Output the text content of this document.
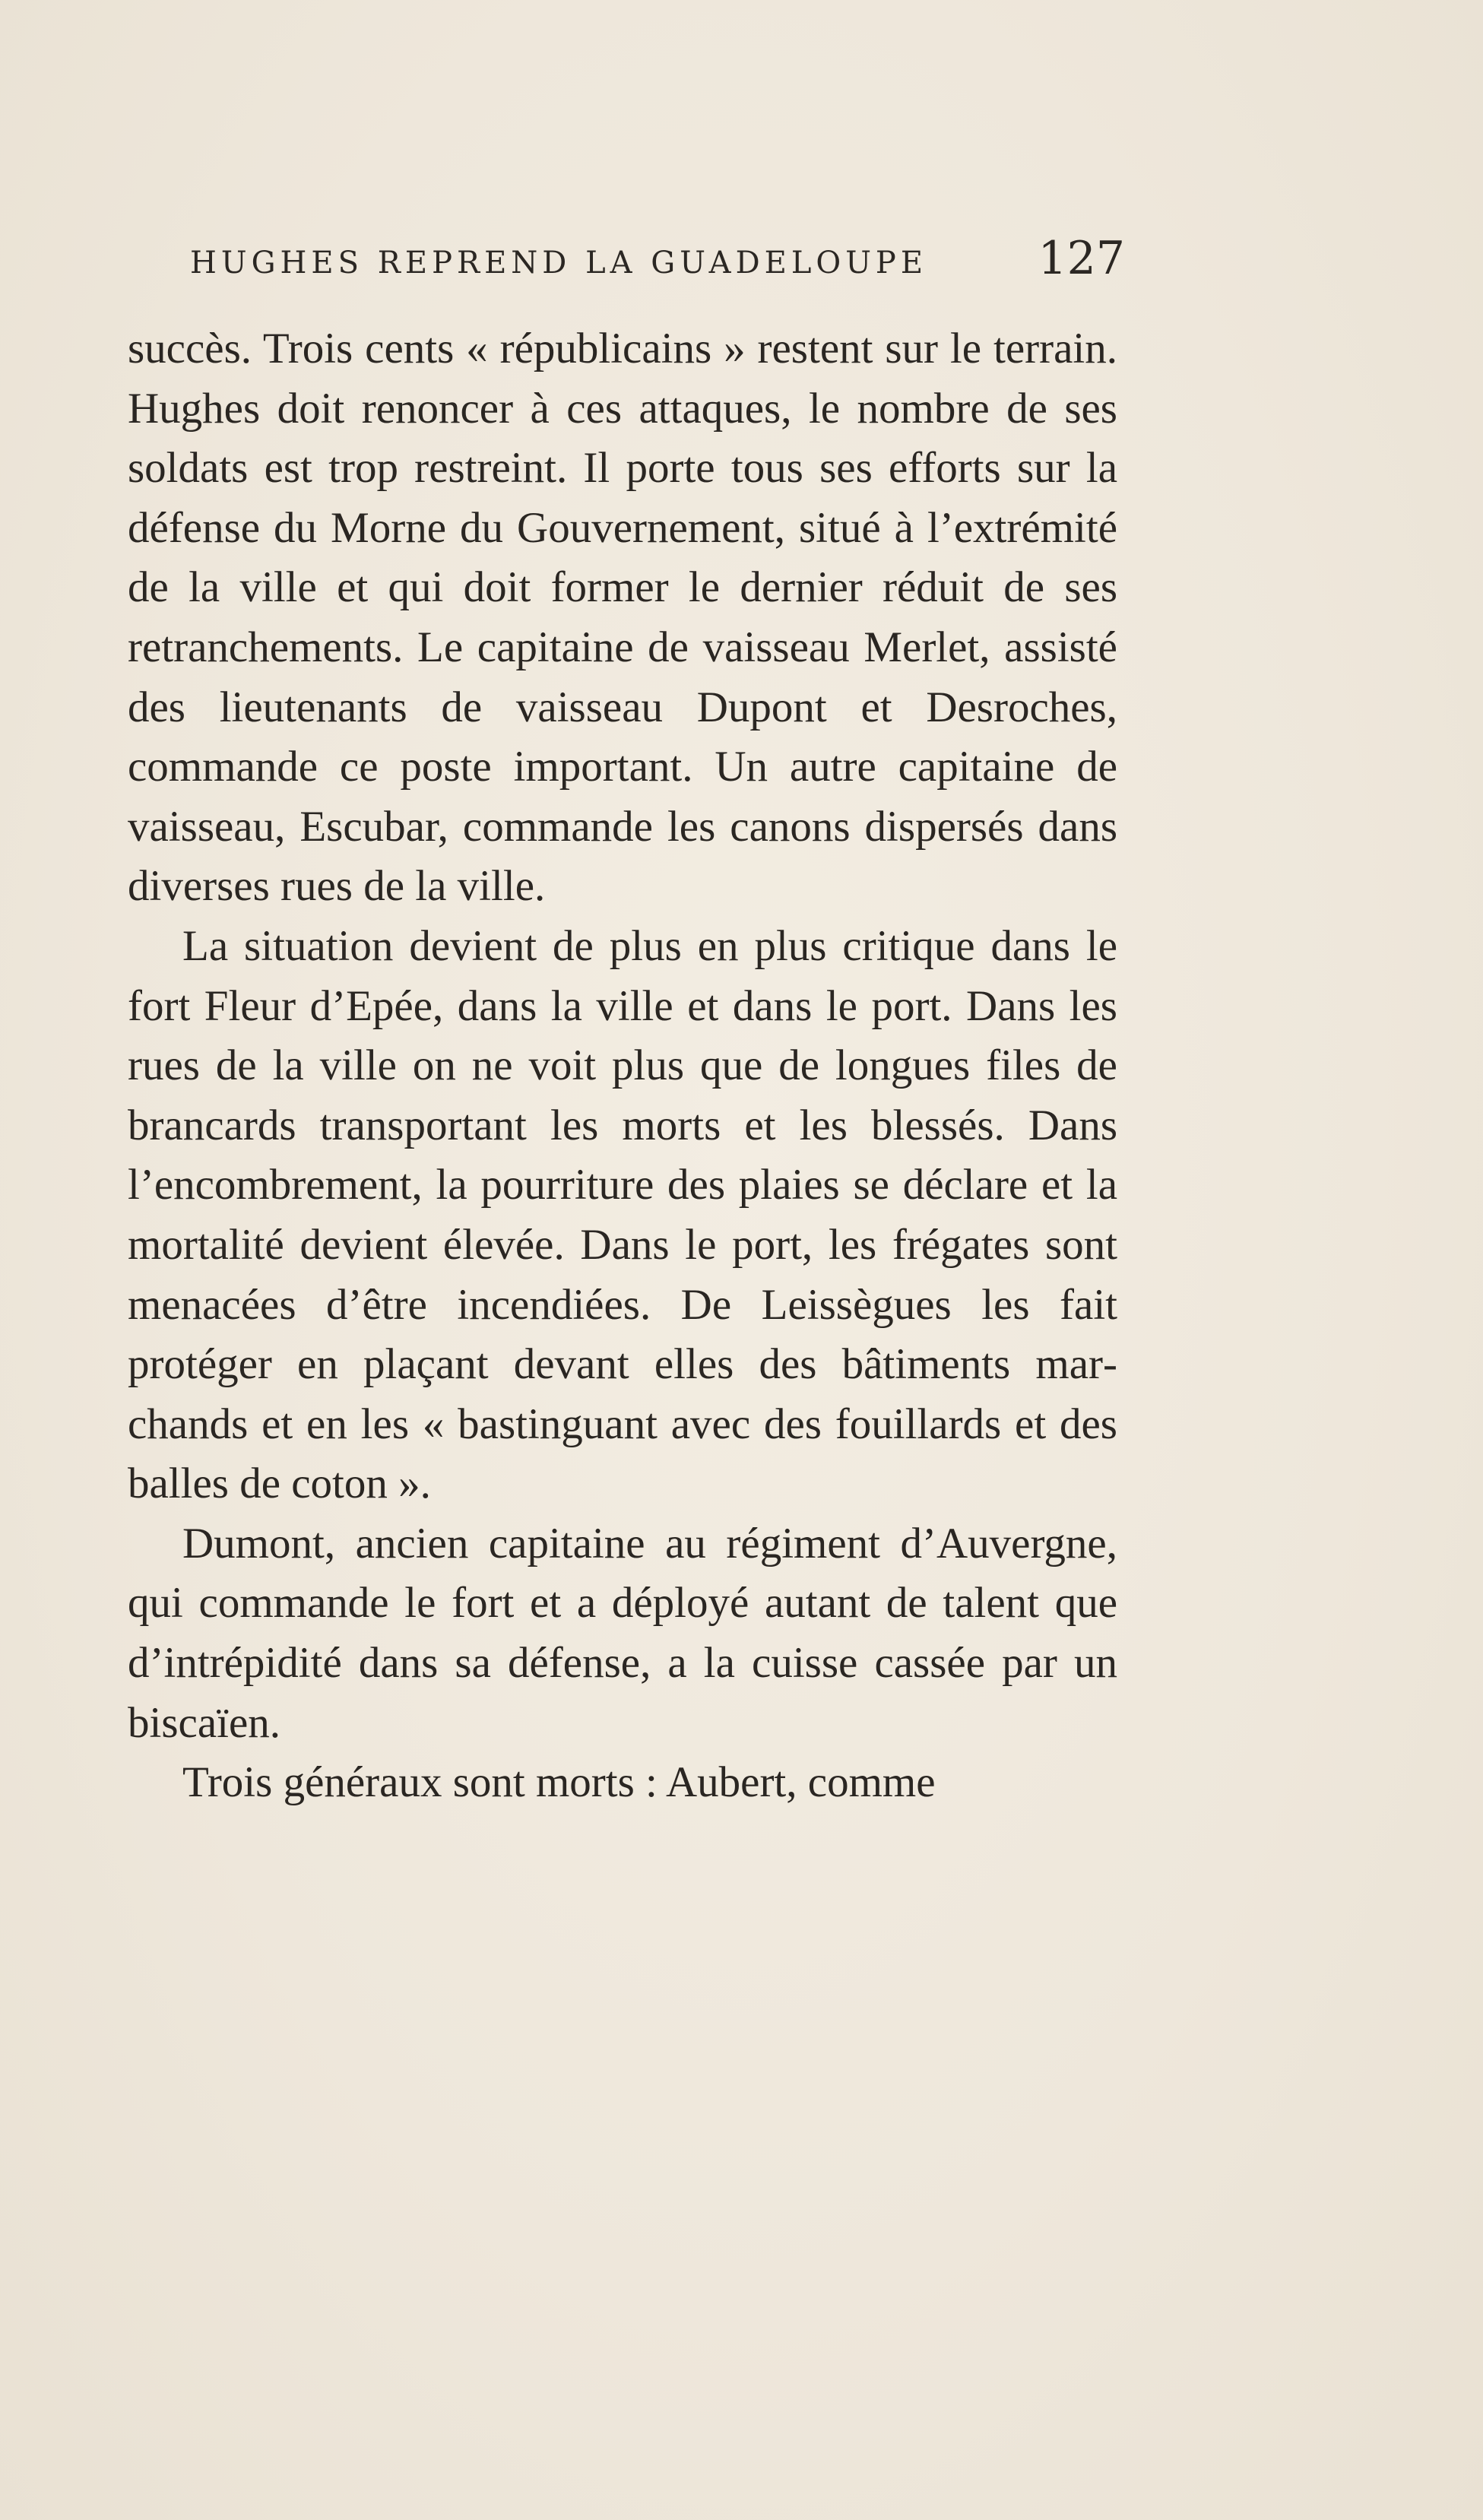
HUGHES REPREND LA GUADELOUPE 127

succès. Trois cents « républicains » restent sur le terrain. Hughes doit renoncer à ces attaques, le nombre de ses soldats est trop restreint. Il porte tous ses efforts sur la défense du Morne du Gouvernement, situé à l’extrémité de la ville et qui doit former le dernier réduit de ses retranchements. Le capitaine de vaisseau Merlet, assisté des lieutenants de vaisseau Dupont et Desroches, commande ce poste important. Un autre capitaine de vaisseau, Escubar, commande les canons dispersés dans diverses rues de la ville.

La situation devient de plus en plus critique dans le fort Fleur d’Epée, dans la ville et dans le port. Dans les rues de la ville on ne voit plus que de longues files de brancards transportant les morts et les blessés. Dans l’encombrement, la pourriture des plaies se déclare et la mortalité devient élevée. Dans le port, les frégates sont menacées d’être incendiées. De Leissègues les fait protéger en plaçant devant elles des bâtiments marchands et en les « bastinguant avec des fouillards et des balles de coton ».

Dumont, ancien capitaine au régiment d’Auvergne, qui commande le fort et a déployé autant de talent que d’intrépidité dans sa défense, a la cuisse cassée par un biscaïen.

Trois généraux sont morts : Aubert, comme
